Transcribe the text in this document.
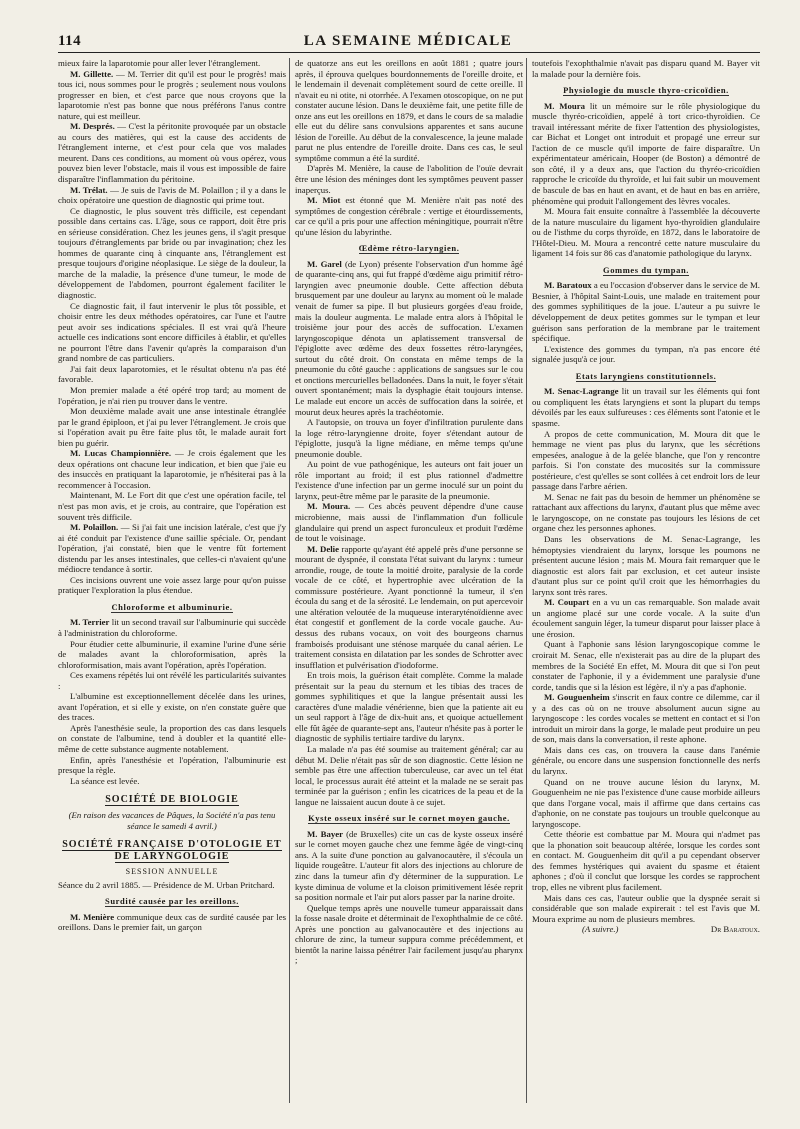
114	LA SEMAINE MÉDICALE

mieux faire la laparotomie pour aller lever l'étranglement.

M. Gillette. — M. Terrier dit qu'il est pour le progrès! mais tous ici, nous sommes pour le progrès ; seulement nous voulons progresser en bien, et c'est parce que nous croyons que la laparotomie n'est pas bonne que nous préférons l'anus contre nature, qui est meilleur.

M. Després. — C'est la péritonite provoquée par un obstacle au cours des matières, qui est la cause des accidents de l'étranglement interne, et c'est pour cela que vos malades meurent. Dans ces conditions, au moment où vous opérez, vous pouvez bien lever l'obstacle, mais il vous est impossible de faire disparaître l'inflammation du péritoine.

M. Trélat. — Je suis de l'avis de M. Polaillon ; il y a dans le choix opératoire une question de diagnostic qui prime tout.

Ce diagnostic, le plus souvent très difficile, est cependant possible dans certains cas. L'âge, sous ce rapport, doit être pris en sérieuse considération. Chez les jeunes gens, il s'agit presque toujours d'étranglements par bride ou par invagination; chez les hommes de quarante cinq à cinquante ans, l'étranglement est presque toujours d'origine néoplasique. Le siège de la douleur, la marche de la maladie, la présence d'une tumeur, le mode de développement de l'abdomen, pourront également faciliter le diagnostic.

Ce diagnostic fait, il faut intervenir le plus tôt possible, et choisir entre les deux méthodes opératoires, car l'une et l'autre peut avoir ses indications spéciales. Il est vrai qu'à l'heure actuelle ces indications sont encore difficiles à établir, et qu'elles ne pourront l'être dans l'avenir qu'après la comparaison d'un grand nombre de cas particuliers.

J'ai fait deux laparotomies, et le résultat obtenu n'a pas été favorable.

Mon premier malade a été opéré trop tard; au moment de l'opération, je n'ai rien pu trouver dans le ventre.

Mon deuxième malade avait une anse intestinale étranglée par le grand épiploon, et j'ai pu lever l'étranglement. Je crois que si l'opération avait pu être faite plus tôt, le malade aurait fort bien pu guérir.

M. Lucas Championnière. — Je crois également que les deux opérations ont chacune leur indication, et bien que j'aie eu des insuccès en pratiquant la laparotomie, je n'hésiterai pas à la recommencer à l'occasion.

Maintenant, M. Le Fort dit que c'est une opération facile, tel n'est pas mon avis, et je crois, au contraire, que l'opération est souvent très difficile.

M. Polaillon. — Si j'ai fait une incision latérale, c'est que j'y ai été conduit par l'existence d'une saillie spéciale. Or, pendant l'opération, j'ai constaté, bien que le ventre fût fortement distendu par les anses intestinales, que celles-ci n'avaient qu'une médiocre tendance à sortir.

Ces incisions ouvrent une voie assez large pour qu'on puisse pratiquer l'exploration la plus étendue.

Chloroforme et albuminurie.

M. Terrier lit un second travail sur l'albuminurie qui succède à l'administration du chloroforme.

Pour étudier cette albuminurie, il examine l'urine d'une série de malades avant la chloroformisation, après la chloroformisation, mais avant l'opération, après l'opération.

Ces examens répétés lui ont révélé les particularités suivantes :

L'albumine est exceptionnellement décelée dans les urines, avant l'opération, et si elle y existe, on n'en constate guère que des traces.

Après l'anesthésie seule, la proportion des cas dans lesquels on constate de l'albumine, tend à doubler et la quantité elle-même de cette substance augmente notablement.

Enfin, après l'anesthésie et l'opération, l'albuminurie est presque la règle.

La séance est levée.

SOCIÉTÉ DE BIOLOGIE

(En raison des vacances de Pâques, la Société n'a pas tenu séance le samedi 4 avril.)

SOCIÉTÉ FRANÇAISE D'OTOLOGIE ET DE LARYNGOLOGIE

SESSION ANNUELLE

Séance du 2 avril 1885. — Présidence de M. Urban Pritchard.

Surdité causée par les oreillons.

M. Menière communique deux cas de surdité causée par les oreillons. Dans le premier fait, un garçon

de quatorze ans eut les oreillons en août 1881 ; quatre jours après, il éprouva quelques bourdonnements de l'oreille droite, et le lendemain il devenait complètement sourd de cette oreille. Il n'avait eu ni otite, ni otorrhée. A l'examen otoscopique, on ne put constater aucune lésion. Dans le deuxième fait, une petite fille de onze ans eut les oreillons en 1879, et dans le cours de sa maladie elle eut du délire sans convulsions apparentes et sans aucune lésion de l'oreille. Au début de la convalescence, la jeune malade parut ne plus entendre de l'oreille droite. Dans ces cas, le seul symptôme commun a été la surdité.

D'après M. Menière, la cause de l'abolition de l'ouïe devrait être une lésion des méninges dont les symptômes peuvent passer inaperçus.

M. Miot est étonné que M. Menière n'ait pas noté des symptômes de congestion cérébrale : vertige et étourdissements, car ce qu'il a pris pour une affection méningitique, pourrait n'être qu'une lésion du labyrinthe.

Œdème rétro-laryngien.

M. Garel (de Lyon) présente l'observation d'un homme âgé de quarante-cinq ans, qui fut frappé d'œdème aigu primitif rétro-laryngien avec pneumonie double. Cette affection débuta brusquement par une douleur au larynx au moment où le malade venait de fumer sa pipe. Il but plusieurs gorgées d'eau froide, mais la douleur augmenta. Le malade entra alors à l'hôpital le troisième jour pour des accès de suffocation. L'examen laryngoscopique dénota un aplatissement transversal de l'épiglotte avec œdème des deux fossettes rétro-laryngées, surtout du côté droit. On constata en même temps de la pneumonie du côté gauche : applications de sangsues sur le cou et onctions mercurielles belladonées. Dans la nuit, le foyer s'était ouvert spontanément; mais la dysphagie était toujours intense. Le malade eut encore un accès de suffocation dans la soirée, et mourut deux heures après la trachéotomie.

A l'autopsie, on trouva un foyer d'infiltration purulente dans la loge rétro-laryngienne droite, foyer s'étendant autour de l'épiglotte, jusqu'à la ligne médiane, en même temps qu'une pneumonie double.

Au point de vue pathogénique, les auteurs ont fait jouer un rôle important au froid; il est plus rationnel d'admettre l'existence d'une infection par un germe inoculé sur un point du larynx, peut-être même par le parasite de la pneumonie.

M. Moura. — Ces abcès peuvent dépendre d'une cause microbienne, mais aussi de l'inflammation d'un follicule glandulaire qui prend un aspect furonculeux et produit l'œdème de tout le voisinage.

M. Delie rapporte qu'ayant été appelé près d'une personne se mourant de dyspnée, il constata l'état suivant du larynx : tumeur arrondie, rouge, de toute la moitié droite, paralysie de la corde vocale de ce côté, et hypertrophie avec ulcération de la commissure postérieure. Ayant ponctionné la tumeur, il s'en écoula du sang et de la sérosité. Le lendemain, on put apercevoir une altération veloutée de la muqueuse interaryténoïdienne avec état congestif et gonflement de la corde vocale gauche. Au-dessus des rubans vocaux, on voit des bourgeons charnus framboisés produisant une sténose marquée du canal aérien. Le traitement consista en dilatation par les sondes de Schrotter avec insufflation et pulvérisation d'iodoforme.

En trois mois, la guérison était complète. Comme la malade présentait sur la peau du sternum et les tibias des traces de gommes syphilitiques et que la langue présentait aussi les caractères d'une maladie vénérienne, bien que la patiente ait eu un seul rapport à l'âge de dix-huit ans, et quoique actuellement elle fût âgée de quarante-sept ans, l'auteur n'hésite pas à porter le diagnostic de syphilis tertiaire tardive du larynx.

La malade n'a pas été soumise au traitement général; car au début M. Delie n'était pas sûr de son diagnostic. Cette lésion ne semble pas être une affection tuberculeuse, car avec un tel état local, le processus aurait été atteint et la malade ne se serait pas terminée par la guérison ; enfin les cicatrices de la peau et de la langue ne laissaient aucun doute à ce sujet.

Kyste osseux inséré sur le cornet moyen gauche.

M. Bayer (de Bruxelles) cite un cas de kyste osseux inséré sur le cornet moyen gauche chez une femme âgée de vingt-cinq ans. A la suite d'une ponction au galvanocautère, il s'écoula un liquide rougeâtre. L'auteur fit alors des injections au chlorure de zinc dans la tumeur afin d'y déterminer de la suppuration. Le kyste diminua de volume et la cloison primitivement lésée reprit sa position normale et l'air put alors passer par la narine droite.

Quelque temps après une nouvelle tumeur apparaissait dans la fosse nasale droite et déterminait de l'exophthalmie de ce côté. Après une ponction au galvanocautère et des injections au chlorure de zinc, la tumeur suppura comme précédemment, et bientôt la narine laissa pénétrer l'air facilement jusqu'au pharynx ;

toutefois l'exophthalmie n'avait pas disparu quand M. Bayer vit la malade pour la dernière fois.

Physiologie du muscle thyro-cricoïdien.

M. Moura lit un mémoire sur le rôle physiologique du muscle thyréo-cricoïdien, appelé à tort crico-thyroïdien. Ce travail intéressant mérite de fixer l'attention des physiologistes, car Bichat et Longet ont introduit et propagé une erreur sur l'action de ce muscle qu'il importe de faire disparaître. Un expérimentateur américain, Hooper (de Boston) a démontré de son côté, il y a deux ans, que l'action du thyréo-cricoïdien rapproche le cricoïde du thyroïde, et lui fait subir un mouvement de bascule de bas en haut en avant, et de haut en bas en arrière, phénomène qui produit l'allongement des lèvres vocales.

M. Moura fait ensuite connaître à l'assemblée la découverte de la nature musculaire du ligament hyo-thyroïdien glandulaire ou de l'isthme du corps thyroïde, en 1872, dans le laboratoire de l'Hôtel-Dieu. M. Moura a rencontré cette nature musculaire du ligament 14 fois sur 86 cas d'anatomie pathologique du larynx.

Gommes du tympan.

M. Baratoux a eu l'occasion d'observer dans le service de M. Besnier, à l'hôpital Saint-Louis, une malade en traitement pour des gommes syphilitiques de la joue. L'auteur a pu suivre le développement de deux petites gommes sur le tympan et leur guérison sans perforation de la membrane par le traitement spécifique.

L'existence des gommes du tympan, n'a pas encore été signalée jusqu'à ce jour.

Etats laryngiens constitutionnels.

M. Senac-Lagrange lit un travail sur les éléments qui font ou compliquent les états laryngiens et sont la plupart du temps dévoilés par les eaux sulfureuses : ces éléments sont l'atonie et le spasme.

A propos de cette communication, M. Moura dit que le hemmage ne vient pas plus du larynx, que les sécrétions empesées, analogue à de la gelée blanche, que l'on y rencontre parfois. Si l'on constate des mucosités sur la commissure postérieure, c'est qu'elles se sont collées à cet endroit lors de leur passage dans l'arbre aérien.

M. Senac ne fait pas du besoin de hemmer un phénomène se rattachant aux affections du larynx, d'autant plus que même avec le laryngoscope, on ne constate pas toujours les lésions de cet organe chez les personnes aphones.

Dans les observations de M. Senac-Lagrange, les hémoptysies viendraient du larynx, lorsque les poumons ne présentent aucune lésion ; mais M. Moura fait remarquer que le diagnostic est alors fait par exclusion, et cet auteur insiste d'autant plus sur ce point qu'il croit que les hémorrhagies du larynx sont très rares.

M. Coupart en a vu un cas remarquable. Son malade avait un angiome placé sur une corde vocale. A la suite d'un écoulement sanguin léger, la tumeur disparut pour laisser place à une érosion.

Quant à l'aphonie sans lésion laryngoscopique comme le croirait M. Senac, elle n'existerait pas au dire de la plupart des membres de la Société En effet, M. Moura dit que si l'on peut constater de l'aphonie, il y a évidemment une paralysie d'une corde, tandis que si la lésion est légère, il n'y a pas d'aphonie.

M. Gouguenheim s'inscrit en faux contre ce dilemme, car il y a des cas où on ne trouve absolument aucun signe au laryngoscope : les cordes vocales se mettent en contact et si l'on introduit un miroir dans la gorge, le malade peut produire un peu de son, mais dans la conversation, il reste aphone.

Mais dans ces cas, on trouvera la cause dans l'anémie générale, ou encore dans une suspension fonctionnelle des nerfs du larynx.

Quand on ne trouve aucune lésion du larynx, M. Gouguenheim ne nie pas l'existence d'une cause morbide ailleurs que dans l'organe vocal, mais il affirme que dans certains cas d'aphonie, on ne constate pas toujours un trouble quelconque au laryngoscope.

Cette théorie est combattue par M. Moura qui n'admet pas que la phonation soit beaucoup altérée, lorsque les cordes sont en contact. M. Gouguenheim dit qu'il a pu cependant observer des femmes hystériques qui avaient du spasme et étaient aphones ; d'où il conclut que lorsque les cordes se rapprochent trop, elles ne vibrent plus facilement.

Mais dans ces cas, l'auteur oublie que la dyspnée serait si considérable que son malade expirerait : tel est l'avis que M. Moura exprime au nom de plusieurs membres.

(A suivre.)	Dr Baratoux.
